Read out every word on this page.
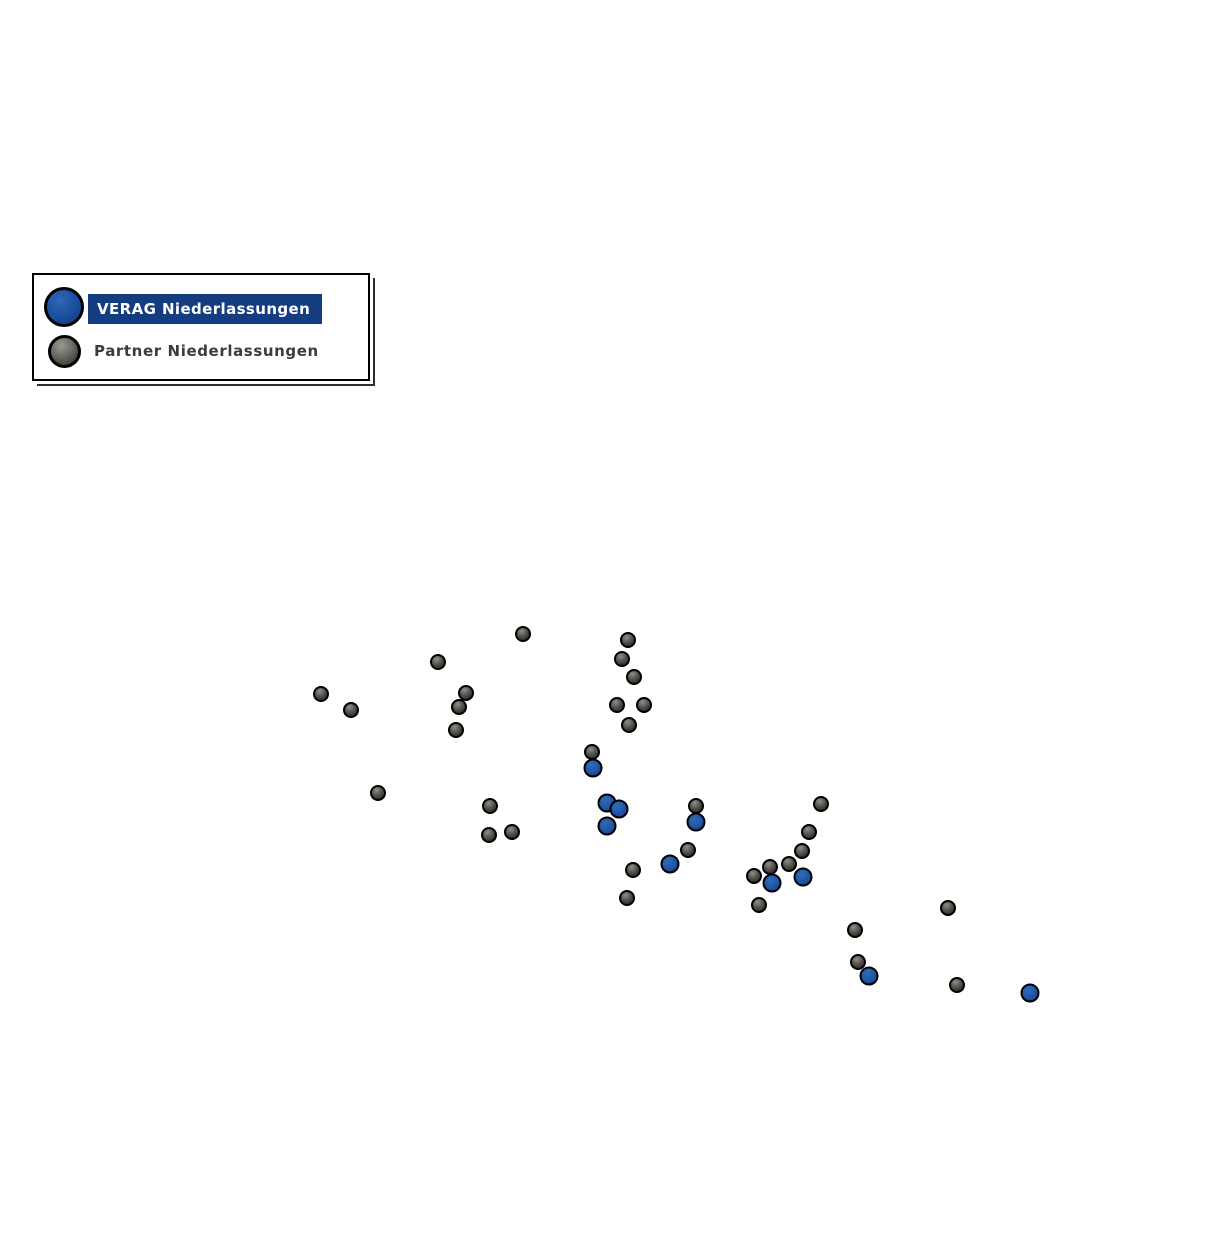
VERAG Niederlassungen
Partner Niederlassungen
